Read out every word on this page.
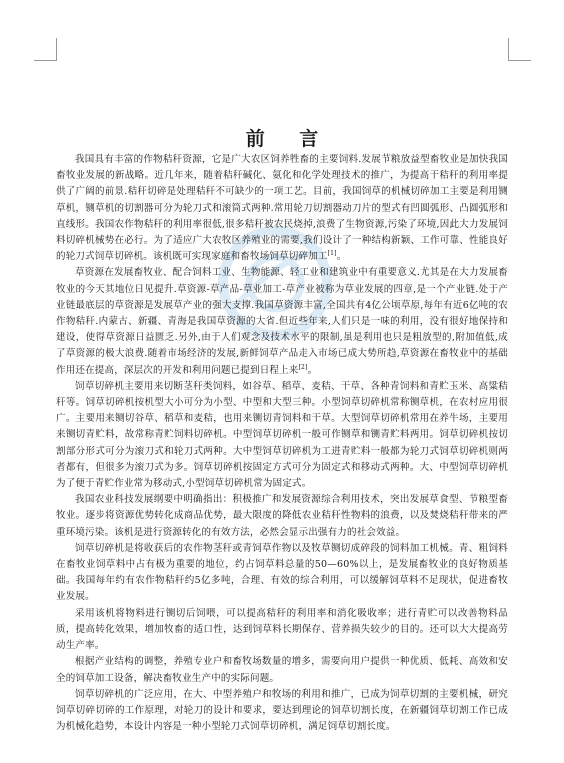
前 言

我国具有丰富的作物秸秆资源，它是广大农区饲养牲畜的主要饲料.发展节粮放益型畜牧业是加快我国畜牧业发展的新战略。近几年来，随着秸秆碱化、氨化和化学处理技术的推广，为提高干秸秆的利用率提供了广阔的前景.秸秆切碎是处理秸秆不可缺少的一项工艺。目前，我国饲草的机械切碎加工主要是利用铡草机，铡草机的切割器可分为轮刀式和滚筒式两种.常用轮刀切割器动刀片的型式有凹圆弧形、凸圆弧形和直线形。我国农作物秸秆的利用率很低,很多秸秆被农民烧掉,浪费了生物资源,污染了环境,因此大力发展饲料切碎机械势在必行。为了适应广大农牧区养殖业的需要,我们设计了一种结构新颖、工作可靠、性能良好的轮刀式饲草切碎机。该机既可实现家庭和畜牧场饲草切碎加工[1]。

草资源在发展畜牧业、配合饲料工业、生物能源、轻工业和建筑业中有重要意义.尤其是在大力发展畜牧业的今天其地位日见提升.草资源-草产品-草业加工-草产业被称为草业发展的四章,是一个产业链.处于产业链最底层的草资源是发展草产业的强大支撑.我国草资源丰富,全国共有4亿公顷草原,每年有近6亿吨的农作物秸秆.内蒙古、新疆、青海是我国草资源的大省.但近些年来,人们只是一味的利用，没有很好地保持和建设，使得草资源日益匮乏.另外,由于人们观念及技术水平的限制,虽是利用也只是粗放型的,附加值低,成了草资源的极大浪费.随着市场经济的发展,新鲜饲草产品走入市场已成大势所趋,草资源在畜牧业中的基础作用还在提高，深层次的开发和利用问题已提到日程上来[2]。

饲草切碎机主要用来切断茎秆类饲料，如谷草、稻草、麦秸、干草、各种青饲料和青贮玉米、高粱秸秆等。饲草切碎机按机型大小可分为小型、中型和大型三种。小型饲草切碎机常称铡草机，在农村应用很广。主要用来铡切谷草、稻草和麦秸，也用来铡切青饲料和干草。大型饲草切碎机常用在养牛场，主要用来铡切青贮料，故常称青贮饲料切碎机。中型饲草切碎机一般可作铡草和铡青贮料两用。饲草切碎机按切割部分形式可分为滚刀式和轮刀式两种。大中型饲草切碎机为工进青贮料一般都为轮刀式饲草切碎机则两者都有，但很多为滚刀式为多。饲草切碎机按固定方式可分为固定式和移动式两种。大、中型饲草切碎机为了便于青贮作业常为移动式,小型饲草切碎机常为固定式。

我国农业科技发展纲要中明确指出：积极推广和发展资源综合利用技术，突出发展草食型、节粮型畜牧业。逐步将资源优势转化成商品优势，最大限度的降低农业秸秆性物料的浪费，以及焚烧秸秆带来的严重环境污染。该机是进行资源转化的有效方法，必然会显示出强有力的社会效益。

饲草切碎机是将收获后的农作物茎秆或青饲草作物以及牧草铡切成碎段的饲料加工机械。青、粗饲料在畜牧业饲草料中占有极为重要的地位，约占饲草料总量的50—60%以上，是发展畜牧业的良好物质基础。我国每年约有农作物秸秆约5亿多吨，合理、有效的综合利用，可以缓解饲草料不足现状，促进畜牧业发展。

采用该机将物料进行铡切后饲喂，可以提高秸秆的利用率和消化吸收率；进行青贮可以改善物料品质，提高转化效果，增加牧畜的适口性，达到饲草料长期保存、营养损失较少的目的。还可以大大提高劳动生产率。

根据产业结构的调整，养殖专业户和畜牧场数量的增多，需要向用户提供一种优质、低耗、高效和安全的饲草加工设备，解决畜牧业生产中的实际问题。

饲草切碎机的广泛应用，在大、中型养殖户和牧场的利用和推广，已成为饲草切割的主要机械，研究饲草切碎切碎的工作原理，对轮刀的设计和要求，要达到理论的饲草切割长度，在新疆饲草切割工作已成为机械化趋势，本设计内容是一种小型轮刀式饲草切碎机，满足饲草切割长度。
